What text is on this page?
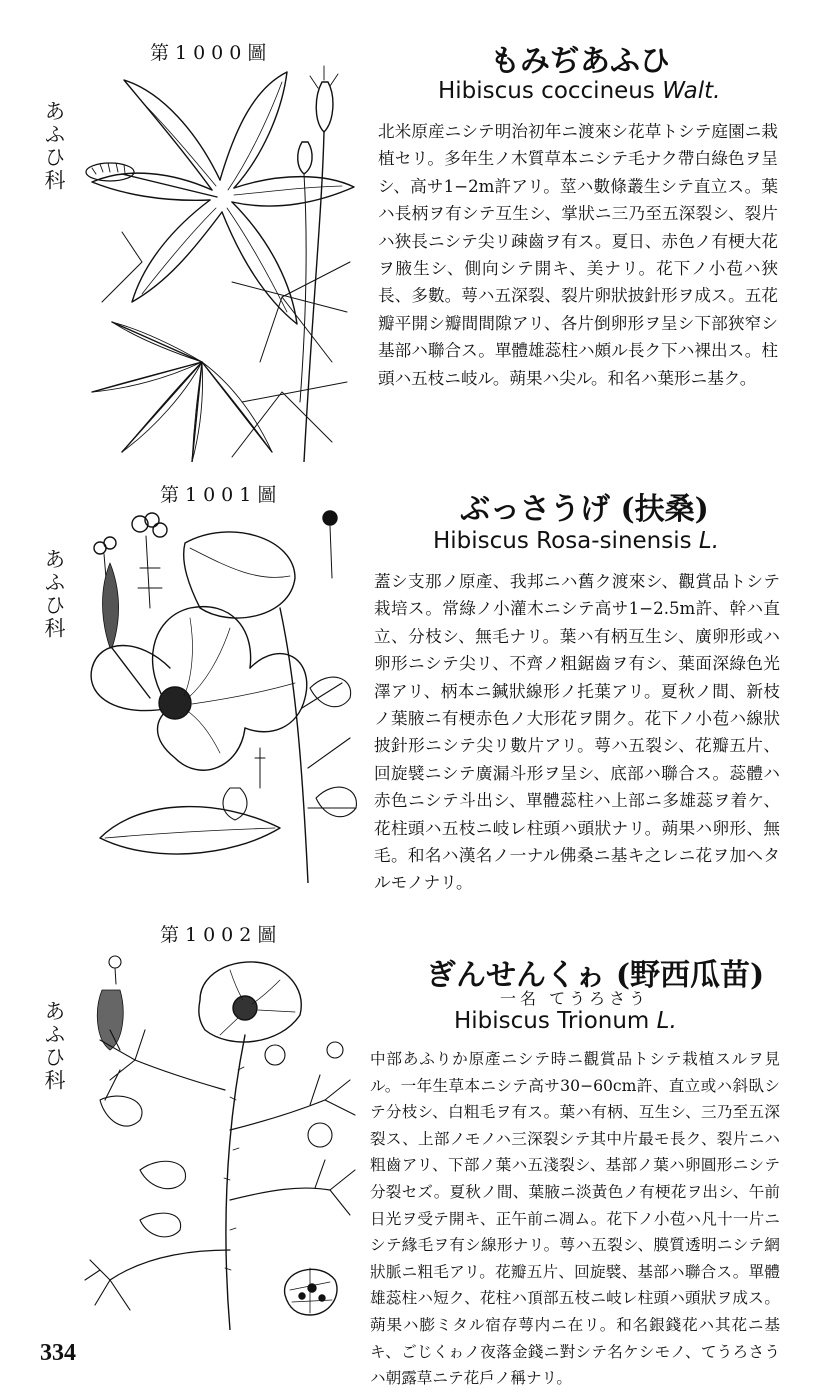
第1000圖
あふひ科
もみぢあふひ
Hibiscus coccineus Walt.
北米原産ニシテ明治初年ニ渡來シ花草トシテ庭園ニ栽植セリ。多年生ノ木質草本ニシテ毛ナク帶白綠色ヲ呈シ、高サ1−2m許アリ。莖ハ數條叢生シテ直立ス。葉ハ長柄ヲ有シテ互生シ、掌狀ニ三乃至五深裂シ、裂片ハ狹長ニシテ尖リ疎齒ヲ有ス。夏日、赤色ノ有梗大花ヲ腋生シ、側向シテ開キ、美ナリ。花下ノ小苞ハ狹長、多數。萼ハ五深裂、裂片卵狀披針形ヲ成ス。五花瓣平開シ瓣間間隙アリ、各片倒卵形ヲ呈シ下部狹窄シ基部ハ聯合ス。單體雄蕊柱ハ頗ル長ク下ハ裸出ス。柱頭ハ五枝ニ岐ル。蒴果ハ尖ル。和名ハ葉形ニ基ク。
第1001圖
あふひ科
ぶっさうげ (扶桑)
Hibiscus Rosa-sinensis L.
蓋シ支那ノ原產、我邦ニハ舊ク渡來シ、觀賞品トシテ栽培ス。常綠ノ小灌木ニシテ高サ1−2.5m許、幹ハ直立、分枝シ、無毛ナリ。葉ハ有柄互生シ、廣卵形或ハ卵形ニシテ尖リ、不齊ノ粗鋸齒ヲ有シ、葉面深綠色光澤アリ、柄本ニ鍼狀線形ノ托葉アリ。夏秋ノ間、新枝ノ葉腋ニ有梗赤色ノ大形花ヲ開ク。花下ノ小苞ハ線狀披針形ニシテ尖リ數片アリ。萼ハ五裂シ、花瓣五片、回旋襞ニシテ廣漏斗形ヲ呈シ、底部ハ聯合ス。蕊體ハ赤色ニシテ斗出シ、單體蕊柱ハ上部ニ多雄蕊ヲ着ケ、花柱頭ハ五枝ニ岐レ柱頭ハ頭狀ナリ。蒴果ハ卵形、無毛。和名ハ漢名ノ一ナル佛桑ニ基キ之レニ花ヲ加ヘタルモノナリ。
第1002圖
あふひ科
ぎんせんくゎ (野西瓜苗)
一名 てうろさう
Hibiscus Trionum L.
中部あふりか原產ニシテ時ニ觀賞品トシテ栽植スルヲ見ル。一年生草本ニシテ高サ30−60cm許、直立或ハ斜臥シテ分枝シ、白粗毛ヲ有ス。葉ハ有柄、互生シ、三乃至五深裂ス、上部ノモノハ三深裂シテ其中片最モ長ク、裂片ニハ粗齒アリ、下部ノ葉ハ五淺裂シ、基部ノ葉ハ卵圓形ニシテ分裂セズ。夏秋ノ間、葉腋ニ淡黃色ノ有梗花ヲ出シ、午前日光ヲ受テ開キ、正午前ニ凋ム。花下ノ小苞ハ凡十一片ニシテ緣毛ヲ有シ線形ナリ。萼ハ五裂シ、膜質透明ニシテ網狀脈ニ粗毛アリ。花瓣五片、回旋襞、基部ハ聯合ス。單體雄蕊柱ハ短ク、花柱ハ頂部五枝ニ岐レ柱頭ハ頭狀ヲ成ス。蒴果ハ膨ミタル宿存萼内ニ在リ。和名銀錢花ハ其花ニ基キ、ごじくゎノ夜落金錢ニ對シテ名ケシモノ、てうろさうハ朝露草ニテ花戶ノ稱ナリ。
334
